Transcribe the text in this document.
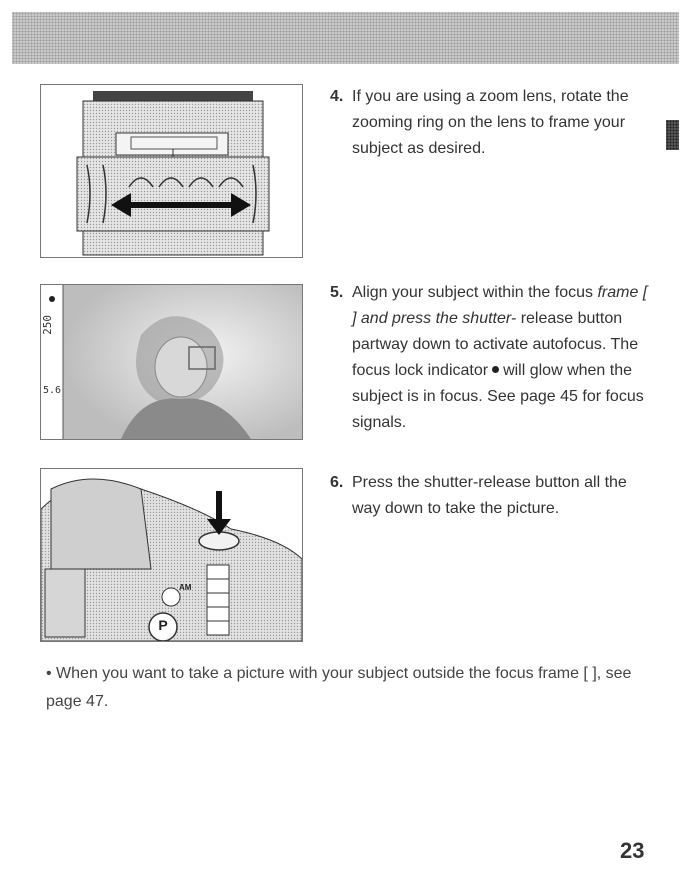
250
5.6
P
AM
4. If you are using a zoom lens, rotate the zooming ring on the lens to frame your subject as desired.
5. Align your subject within the focus frame [ ] and press the shutter- release button partway down to activate autofocus. The focus lock indicator will glow when the subject is in focus. See page 45 for focus signals.
6. Press the shutter-release button all the way down to take the picture.
• When you want to take a picture with your subject outside the focus frame [ ], see page 47.
23
